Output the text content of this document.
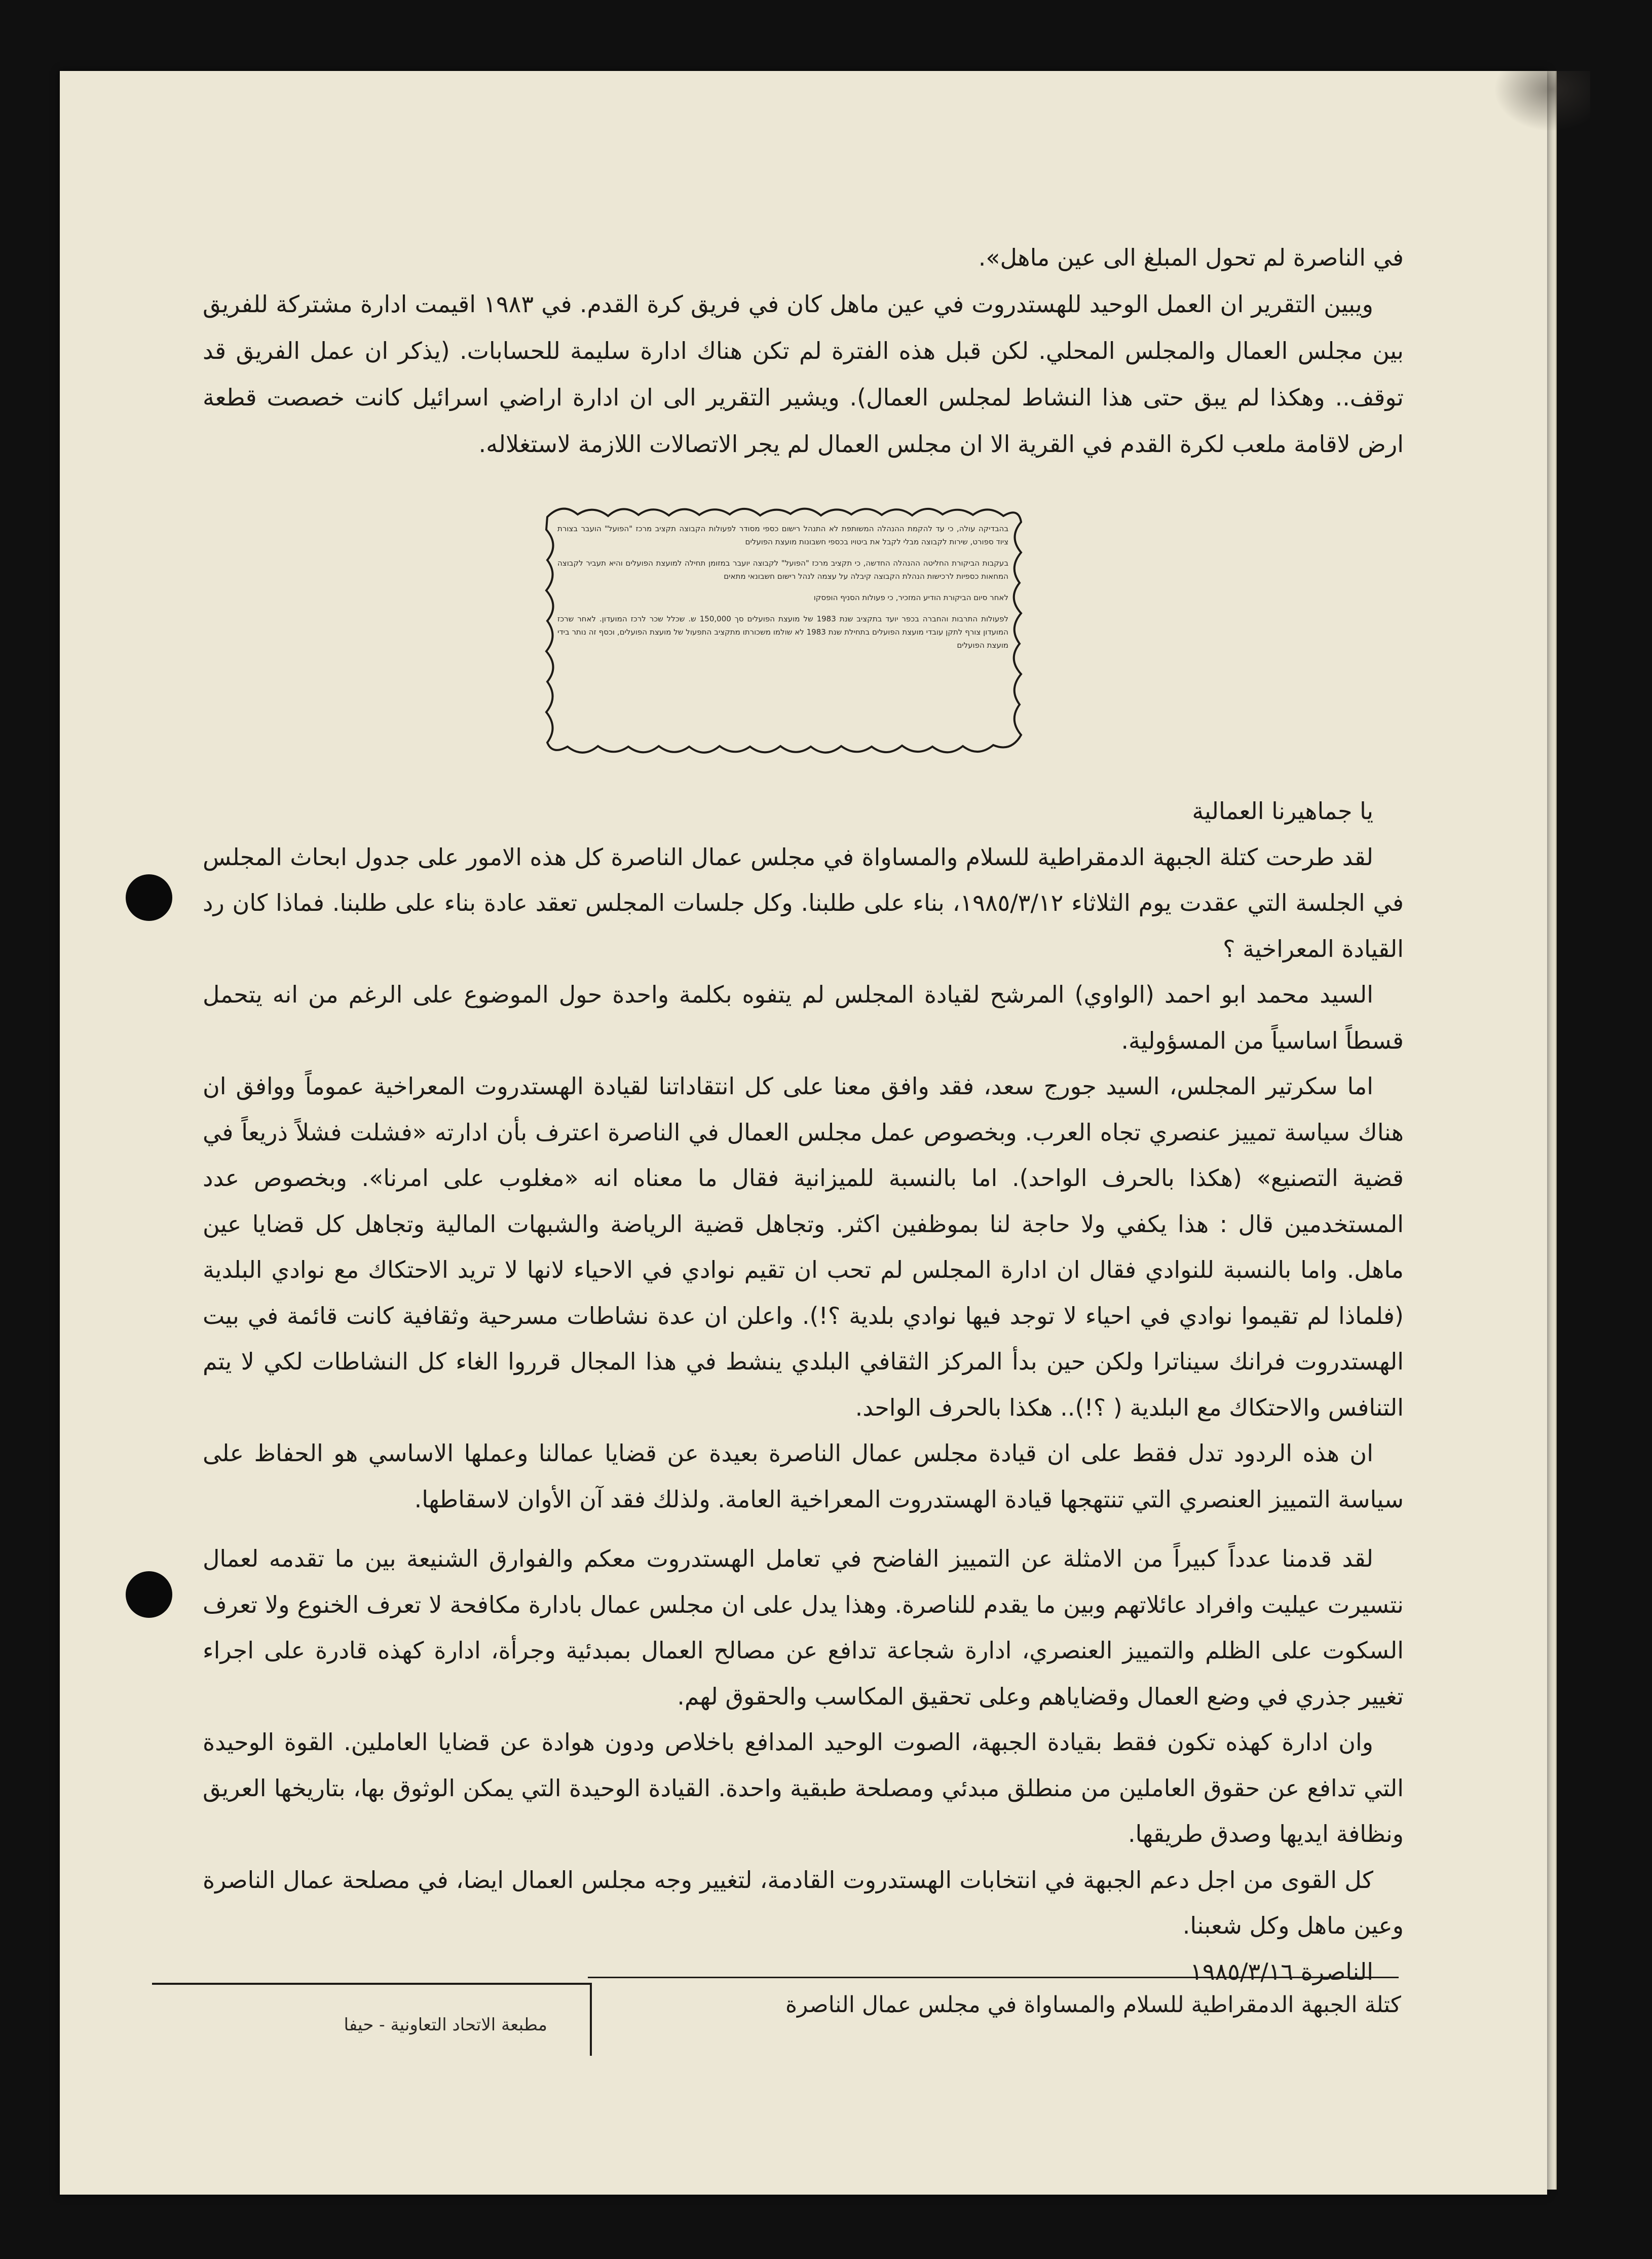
في الناصرة لم تحول المبلغ الى عين ماهل».

ويبين التقرير ان العمل الوحيد للهستدروت في عين ماهل كان في فريق كرة القدم. في ١٩٨٣ اقيمت ادارة مشتركة للفريق بين مجلس العمال والمجلس المحلي. لكن قبل هذه الفترة لم تكن هناك ادارة سليمة للحسابات. (يذكر ان عمل الفريق قد توقف.. وهكذا لم يبق حتى هذا النشاط لمجلس العمال). ويشير التقرير الى ان ادارة اراضي اسرائيل كانت خصصت قطعة ارض لاقامة ملعب لكرة القدم في القرية الا ان مجلس العمال لم يجر الاتصالات اللازمة لاستغلاله.

בהבדיקה עולה, כי עד להקמת ההנהלה המשותפת לא התנהל רישום כספי מסודר לפעולות הקבוצה תקציב מרכז "הפועל" הועבר בצורת ציוד ספורט, שירות לקבוצה מבלי לקבל את ביטויו בכספי חשבונות מועצת הפועלים

בעקבות הביקורת החליטה ההנהלה החדשה, כי תקציב מרכז "הפועל" לקבוצה יועבר במזומן תחילה למועצת הפועלים והיא תעביר לקבוצה המחאות כספיות לרכישות הנהלת הקבוצה קיבלה על עצמה לנהל רישום חשבונאי מתאים

לאחר סיום הביקורת הודיע המזכיר, כי פעולות הסניף הופסקו

לפעולות התרבות והחברה בכפר יועד בתקציב שנת 1983 של מועצת הפועלים סך 150,000 ש. שכלל שכר לרכז המועדון. לאחר שרכז המועדון צורף לתקן עובדי מועצת הפועלים בתחילת שנת 1983 לא שולמו משכורתו מתקציב התפעול של מועצת הפועלים, וכסף זה נותר בידי מועצת הפועלים

يا جماهيرنا العمالية

لقد طرحت كتلة الجبهة الدمقراطية للسلام والمساواة في مجلس عمال الناصرة كل هذه الامور على جدول ابحاث المجلس في الجلسة التي عقدت يوم الثلاثاء ١٩٨٥/٣/١٢، بناء على طلبنا. وكل جلسات المجلس تعقد عادة بناء على طلبنا. فماذا كان رد القيادة المعراخية ؟

السيد محمد ابو احمد (الواوي) المرشح لقيادة المجلس لم يتفوه بكلمة واحدة حول الموضوع على الرغم من انه يتحمل قسطاً اساسياً من المسؤولية.

اما سكرتير المجلس، السيد جورج سعد، فقد وافق معنا على كل انتقاداتنا لقيادة الهستدروت المعراخية عموماً ووافق ان هناك سياسة تمييز عنصري تجاه العرب. وبخصوص عمل مجلس العمال في الناصرة اعترف بأن ادارته «فشلت فشلاً ذريعاً في قضية التصنيع» (هكذا بالحرف الواحد). اما بالنسبة للميزانية فقال ما معناه انه «مغلوب على امرنا». وبخصوص عدد المستخدمين قال : هذا يكفي ولا حاجة لنا بموظفين اكثر. وتجاهل قضية الرياضة والشبهات المالية وتجاهل كل قضايا عين ماهل. واما بالنسبة للنوادي فقال ان ادارة المجلس لم تحب ان تقيم نوادي في الاحياء لانها لا تريد الاحتكاك مع نوادي البلدية (فلماذا لم تقيموا نوادي في احياء لا توجد فيها نوادي بلدية ؟!). واعلن ان عدة نشاطات مسرحية وثقافية كانت قائمة في بيت الهستدروت فرانك سيناترا ولكن حين بدأ المركز الثقافي البلدي ينشط في هذا المجال قرروا الغاء كل النشاطات لكي لا يتم التنافس والاحتكاك مع البلدية ( ؟!).. هكذا بالحرف الواحد.

ان هذه الردود تدل فقط على ان قيادة مجلس عمال الناصرة بعيدة عن قضايا عمالنا وعملها الاساسي هو الحفاظ على سياسة التمييز العنصري التي تنتهجها قيادة الهستدروت المعراخية العامة. ولذلك فقد آن الأوان لاسقاطها.

لقد قدمنا عدداً كبيراً من الامثلة عن التمييز الفاضح في تعامل الهستدروت معكم والفوارق الشنيعة بين ما تقدمه لعمال نتسيرت عيليت وافراد عائلاتهم وبين ما يقدم للناصرة. وهذا يدل على ان مجلس عمال بادارة مكافحة لا تعرف الخنوع ولا تعرف السكوت على الظلم والتمييز العنصري، ادارة شجاعة تدافع عن مصالح العمال بمبدئية وجرأة، ادارة كهذه قادرة على اجراء تغيير جذري في وضع العمال وقضاياهم وعلى تحقيق المكاسب والحقوق لهم.

وان ادارة كهذه تكون فقط بقيادة الجبهة، الصوت الوحيد المدافع باخلاص ودون هوادة عن قضايا العاملين. القوة الوحيدة التي تدافع عن حقوق العاملين من منطلق مبدئي ومصلحة طبقية واحدة. القيادة الوحيدة التي يمكن الوثوق بها، بتاريخها العريق ونظافة ايديها وصدق طريقها.

كل القوى من اجل دعم الجبهة في انتخابات الهستدروت القادمة، لتغيير وجه مجلس العمال ايضا، في مصلحة عمال الناصرة وعين ماهل وكل شعبنا.

الناصرة ١٩٨٥/٣/١٦

مطبعة الاتحاد التعاونية - حيفا
كتلة الجبهة الدمقراطية للسلام والمساواة في مجلس عمال الناصرة
